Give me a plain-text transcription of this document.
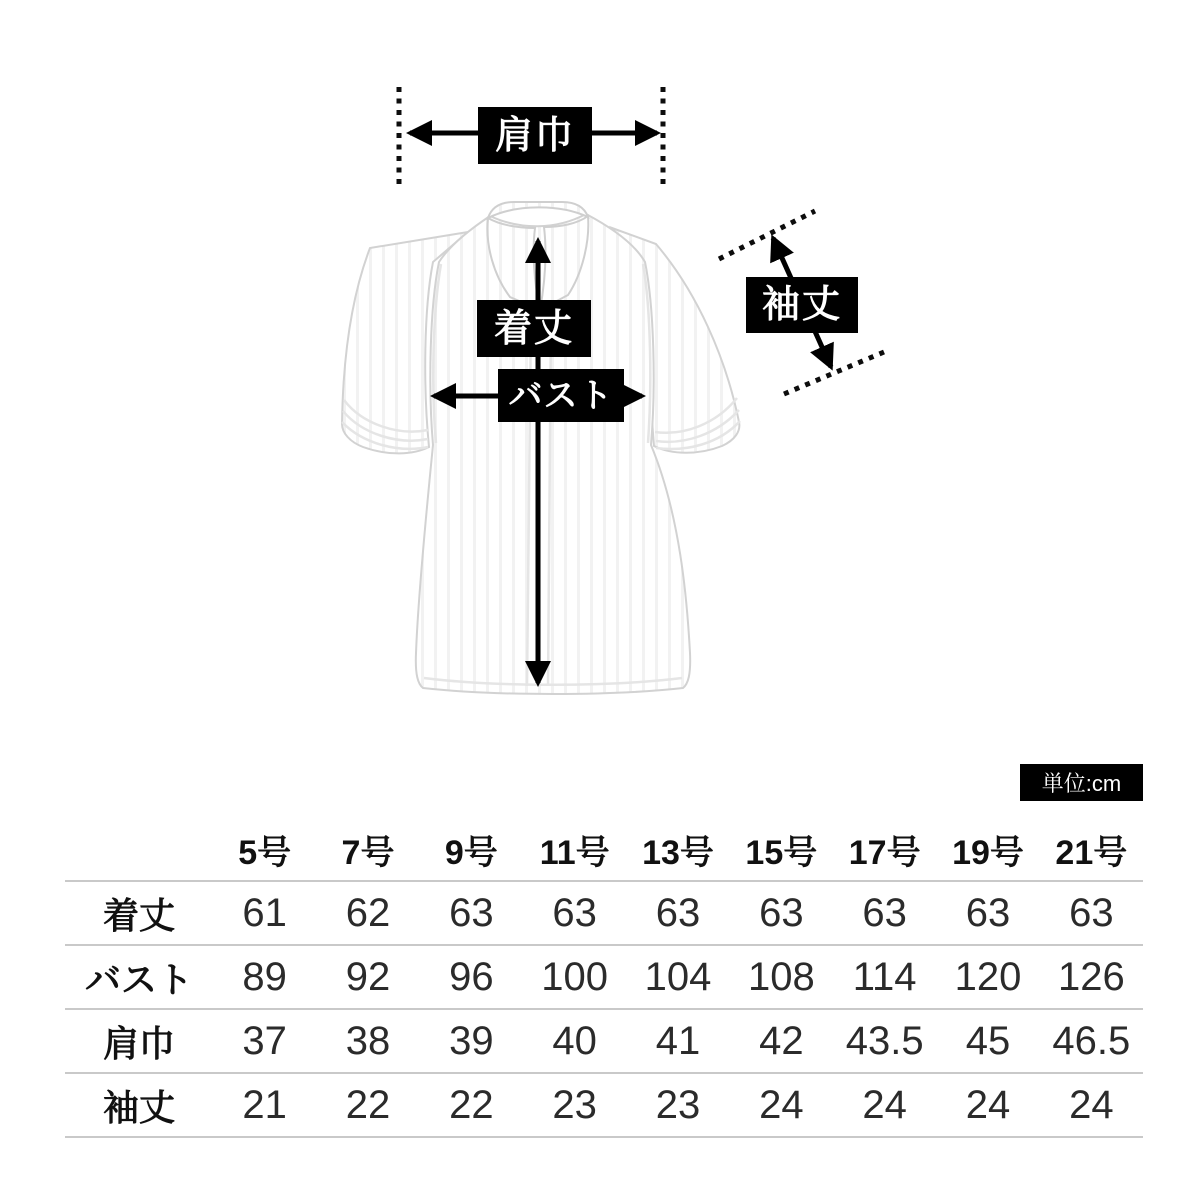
肩巾
着丈
バスト
袖丈
単位:cm
5号	7号	9号	11号 13号 15号 17号 19号 21号
着丈	61	62	63	63	63	63	63	63	63
バスト	89	92	96	100 104 108 114 120 126
肩巾	37	38	39	40	41	42	43.5	45	46.5
袖丈	21	22	22	23	23	24	24	24	24
